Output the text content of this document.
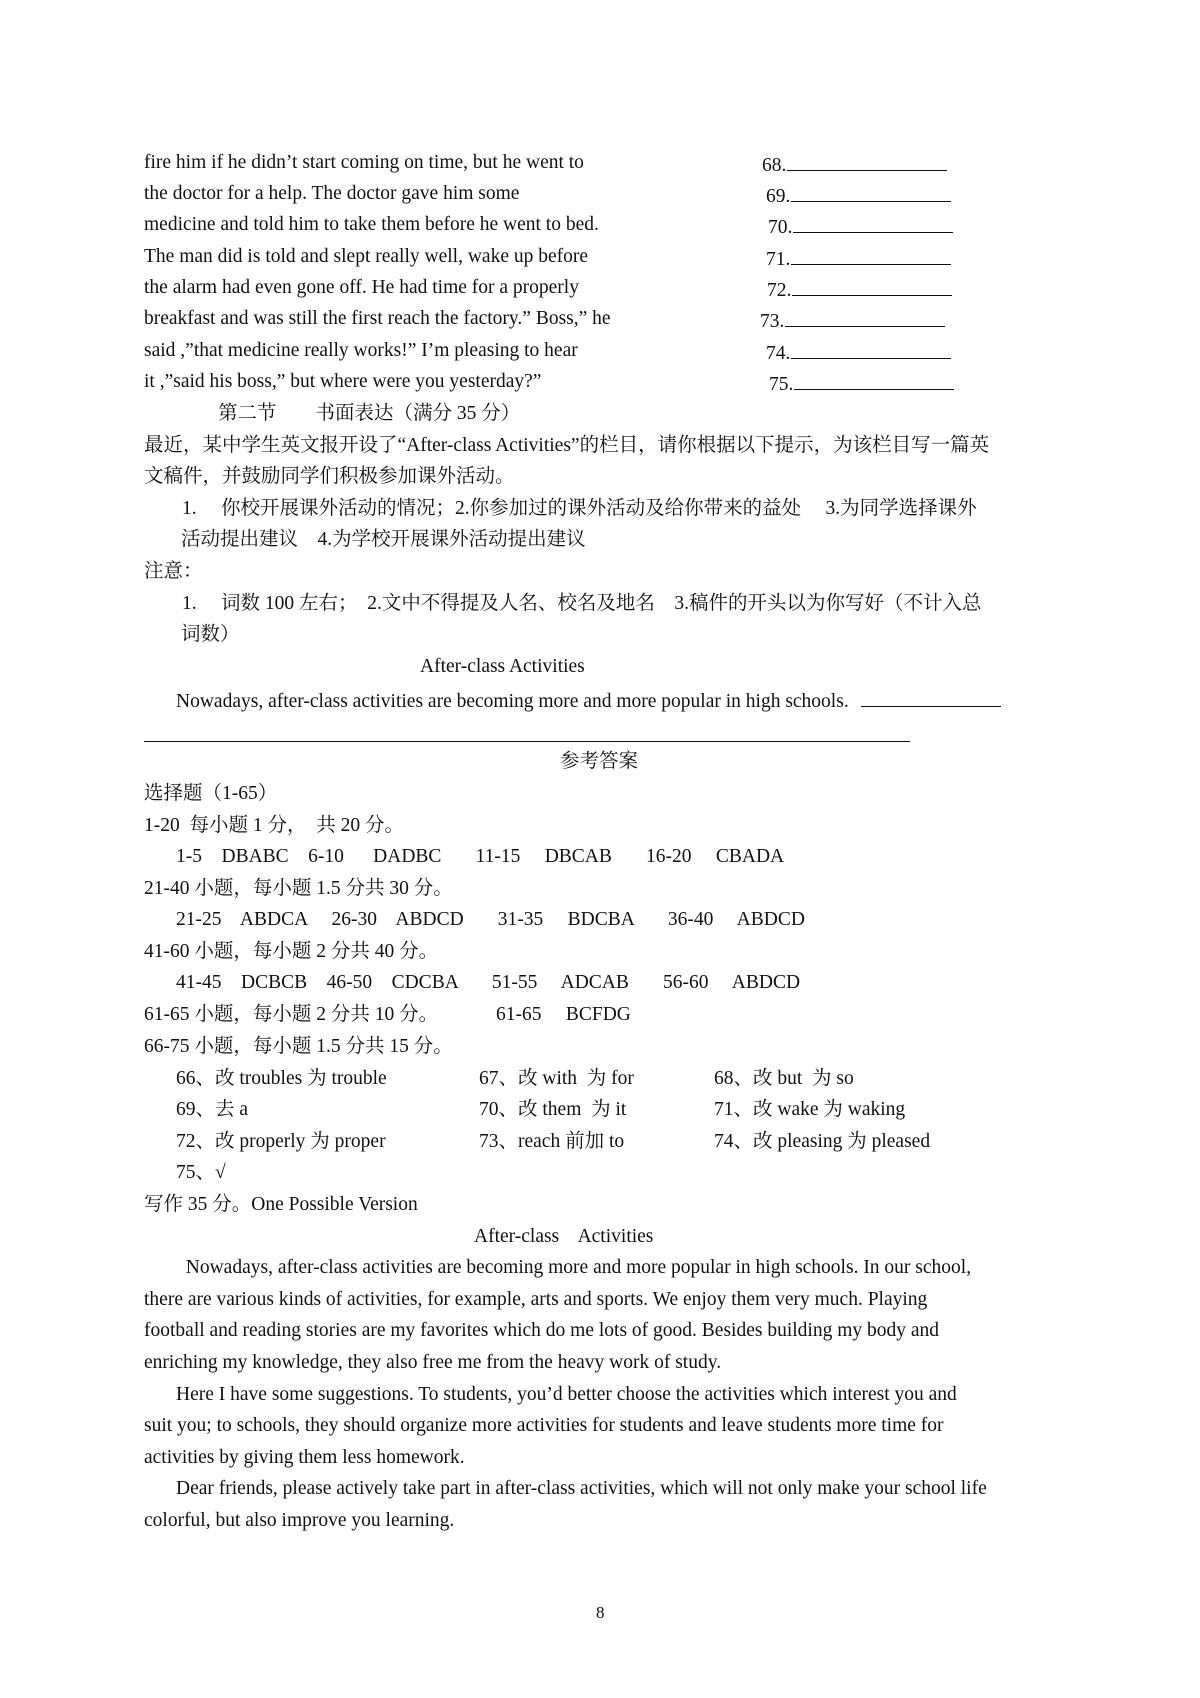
fire him if he didn’t start coming on time, but he went to
the doctor for a help. The doctor gave him some
medicine and told him to take them before he went to bed.
The man did is told and slept really well, wake up before
the alarm had even gone off. He had time for a properly
breakfast and was still the first reach the factory.” Boss,” he
said ,”that medicine really works!” I’m pleasing to hear
it ,”said his boss,” but where were you yesterday?”
68.
69.
70.
71.
72.
73.
74.
75.
第二节　　书面表达（满分 35 分）
最近，某中学生英文报开设了“After-class Activities”的栏目，请你根据以下提示，为该栏目写一篇英
文稿件，并鼓励同学们积极参加课外活动。
1.　 你校开展课外活动的情况；2.你参加过的课外活动及给你带来的益处　 3.为同学选择课外
活动提出建议　4.为学校开展课外活动提出建议
注意：
1.　 词数 100 左右；　2.文中不得提及人名、校名及地名　3.稿件的开头以为你写好（不计入总
词数）
After-class Activities
Nowadays, after-class activities are becoming more and more popular in high schools.
参考答案
选择题（1-65）
1-20  每小题 1 分，  共 20 分。
1-5    DBABC    6-10      DADBC       11-15     DBCAB       16-20     CBADA
21-40 小题，每小题 1.5 分共 30 分。
21-25    ABDCA     26-30    ABDCD       31-35     BDCBA       36-40     ABDCD
41-60 小题，每小题 2 分共 40 分。
41-45    DCBCB    46-50    CDCBA       51-55     ADCAB       56-60     ABDCD
61-65 小题，每小题 2 分共 10 分。	61-65     BCFDG
66-75 小题，每小题 1.5 分共 15 分。
66、改 troubles 为 trouble	67、改 with  为 for	68、改 but  为 so
69、去 a	70、改 them  为 it	71、改 wake 为 waking
72、改 properly 为 proper	73、reach 前加 to	74、改 pleasing 为 pleased
75、√
写作 35 分。One Possible Version
After-class    Activities
Nowadays, after-class activities are becoming more and more popular in high schools. In our school,
there are various kinds of activities, for example, arts and sports. We enjoy them very much. Playing
football and reading stories are my favorites which do me lots of good. Besides building my body and
enriching my knowledge, they also free me from the heavy work of study.
Here I have some suggestions. To students, you’d better choose the activities which interest you and
suit you; to schools, they should organize more activities for students and leave students more time for
activities by giving them less homework.
Dear friends, please actively take part in after-class activities, which will not only make your school life
colorful, but also improve you learning.
8
